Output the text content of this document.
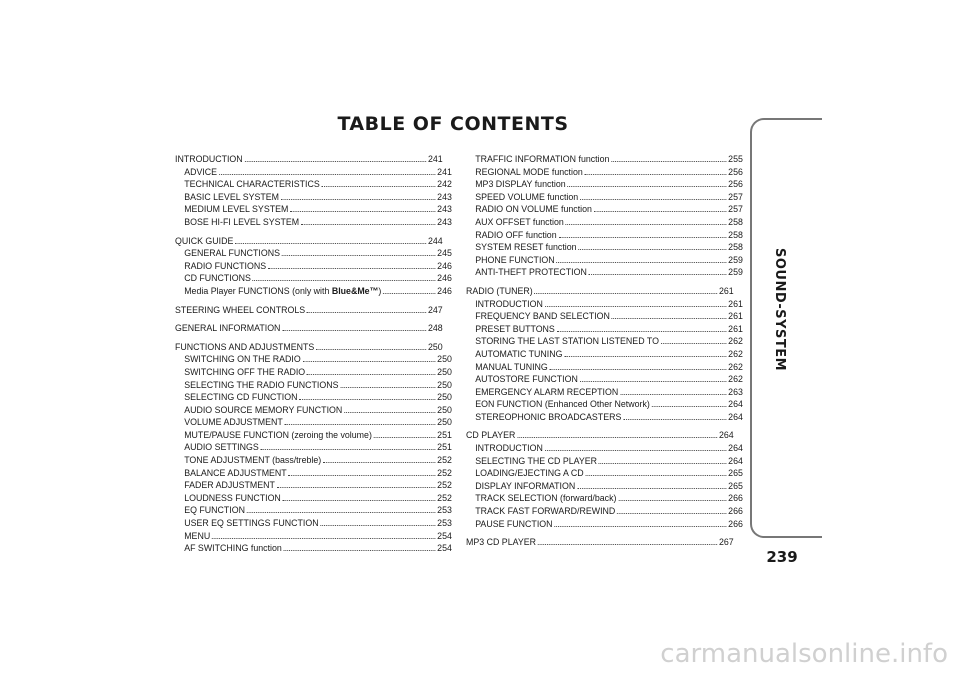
TABLE OF CONTENTS
INTRODUCTION	241
ADVICE	241
TECHNICAL CHARACTERISTICS	242
BASIC LEVEL SYSTEM	243
MEDIUM LEVEL SYSTEM	243
BOSE HI-FI LEVEL SYSTEM	243
QUICK GUIDE	244
GENERAL FUNCTIONS	245
RADIO FUNCTIONS	246
CD FUNCTIONS	246
Media Player FUNCTIONS (only with Blue&Me™)	246
STEERING WHEEL CONTROLS	247
GENERAL INFORMATION	248
FUNCTIONS AND ADJUSTMENTS	250
SWITCHING ON THE RADIO	250
SWITCHING OFF THE RADIO	250
SELECTING THE RADIO FUNCTIONS	250
SELECTING CD FUNCTION	250
AUDIO SOURCE MEMORY FUNCTION	250
VOLUME ADJUSTMENT	250
MUTE/PAUSE FUNCTION (zeroing the volume)	251
AUDIO SETTINGS	251
TONE ADJUSTMENT (bass/treble)	252
BALANCE ADJUSTMENT	252
FADER ADJUSTMENT	252
LOUDNESS FUNCTION	252
EQ FUNCTION	253
USER EQ SETTINGS FUNCTION	253
MENU	254
AF SWITCHING function	254
TRAFFIC INFORMATION function	255
REGIONAL MODE function	256
MP3 DISPLAY function	256
SPEED VOLUME function	257
RADIO ON VOLUME function	257
AUX OFFSET function	258
RADIO OFF function	258
SYSTEM RESET function	258
PHONE FUNCTION	259
ANTI-THEFT PROTECTION	259
RADIO (TUNER)	261
INTRODUCTION	261
FREQUENCY BAND SELECTION	261
PRESET BUTTONS	261
STORING THE LAST STATION LISTENED TO	262
AUTOMATIC TUNING	262
MANUAL TUNING	262
AUTOSTORE FUNCTION	262
EMERGENCY ALARM RECEPTION	263
EON FUNCTION (Enhanced Other Network)	264
STEREOPHONIC BROADCASTERS	264
CD PLAYER	264
INTRODUCTION	264
SELECTING THE CD PLAYER	264
LOADING/EJECTING A CD	265
DISPLAY INFORMATION	265
TRACK SELECTION (forward/back)	266
TRACK FAST FORWARD/REWIND	266
PAUSE FUNCTION	266
MP3 CD PLAYER	267
SOUND-SYSTEM
239
carmanualsonline.info
